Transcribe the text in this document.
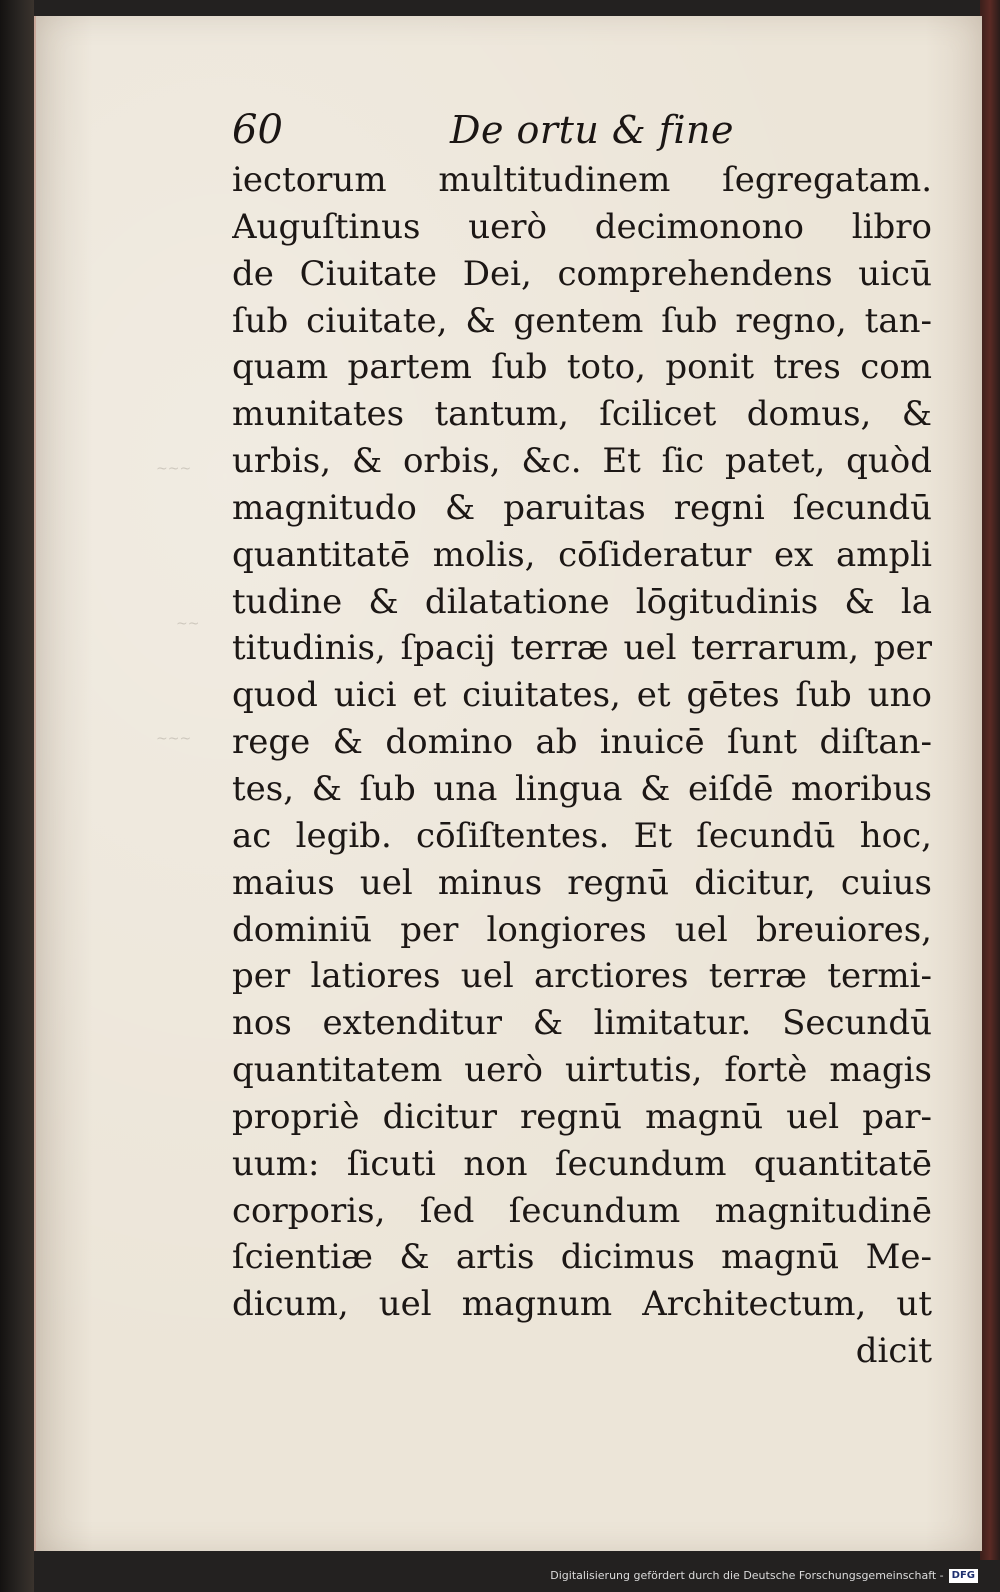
~~~
~~
~~~
60	De ortu & fine
iectorum multitudinem ſegregatam.
Auguſtinus uerò decimonono libro
de Ciuitate Dei, comprehendens uicū
ſub ciuitate, & gentem ſub regno, tan-
quam partem ſub toto, ponit tres com
munitates tantum, ſcilicet domus, &
urbis, & orbis, &c. Et ſic patet, quòd
magnitudo & paruitas regni ſecundū
quantitatē molis, cōſideratur ex ampli
tudine & dilatatione lōgitudinis & la
titudinis, ſpacij terræ uel terrarum, per
quod uici et ciuitates, et gētes ſub uno
rege & domino ab inuicē ſunt diſtan-
tes, & ſub una lingua & eiſdē moribus
ac legib. cōſiſtentes. Et ſecundū hoc,
maius uel minus regnū dicitur, cuius
dominiū per longiores uel breuiores,
per latiores uel arctiores terræ termi-
nos extenditur & limitatur. Secundū
quantitatem uerò uirtutis, fortè magis
propriè dicitur regnū magnū uel par-
uum: ſicuti non ſecundum quantitatē
corporis, ſed ſecundum magnitudinē
ſcientiæ & artis dicimus magnū Me-
dicum, uel magnum Architectum, ut
dicit
Digitalisierung gefördert durch die Deutsche Forschungsgemeinschaft - DFG
